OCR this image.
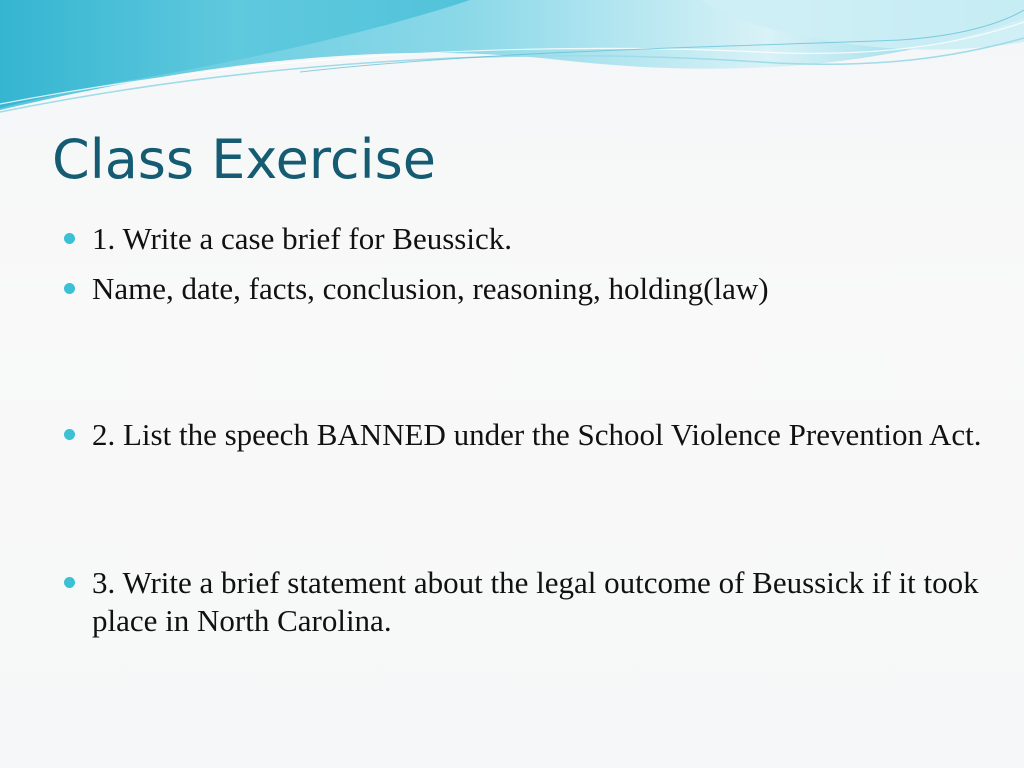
Class Exercise
1. Write a case brief for Beussick.
Name, date, facts, conclusion, reasoning, holding(law)
2. List the speech BANNED under the School Violence Prevention Act.
3. Write a brief statement about the legal outcome of Beussick if it took place in North Carolina.
